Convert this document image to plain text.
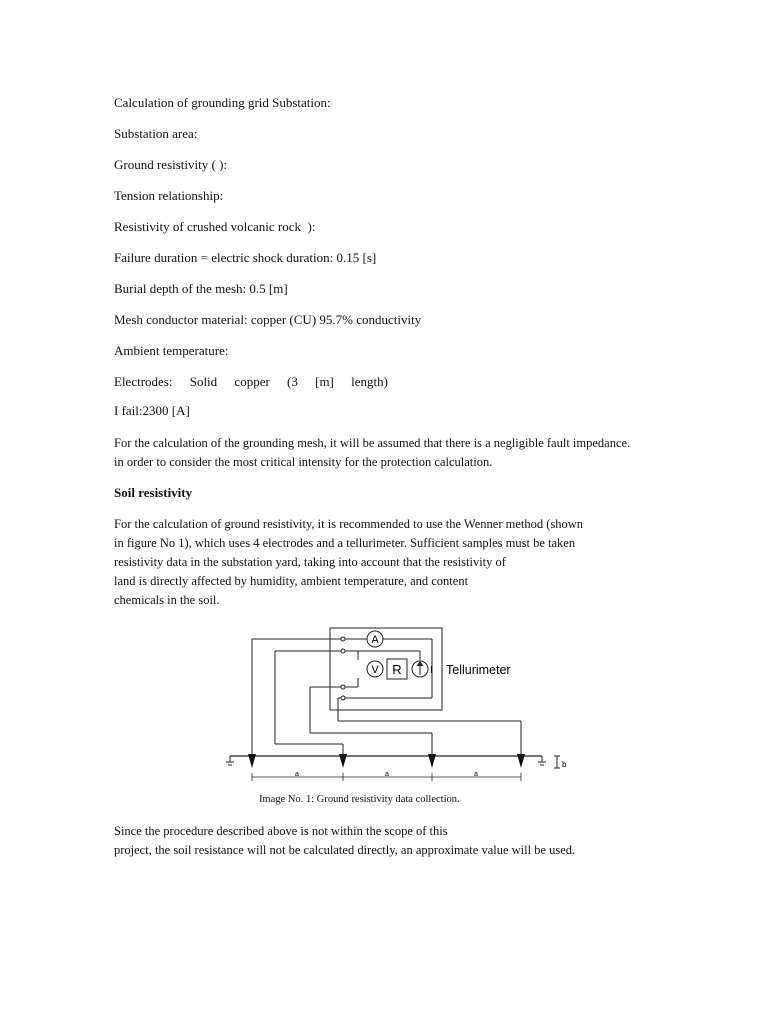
Calculation of grounding grid Substation:
Substation area:
Ground resistivity ( ):
Tension relationship:
Resistivity of crushed volcanic rock  ):
Failure duration = electric shock duration: 0.15 [s]
Burial depth of the mesh: 0.5 [m]
Mesh conductor material: copper (CU) 95.7% conductivity
Ambient temperature:
Electrodes: Solid copper (3 [m] length)
I fail:2300 [A]
For the calculation of the grounding mesh, it will be assumed that there is a negligible fault impedance.
in order to consider the most critical intensity for the protection calculation.
Soil resistivity
For the calculation of ground resistivity, it is recommended to use the Wenner method (shown
in figure No 1), which uses 4 electrodes and a tellurimeter. Sufficient samples must be taken
resistivity data in the substation yard, taking into account that the resistivity of
land is directly affected by humidity, ambient temperature, and content
chemicals in the soil.
A
V R	I Tellurimeter
b
a	a	a
Image No. 1: Ground resistivity data collection.
Since the procedure described above is not within the scope of this
project, the soil resistance will not be calculated directly, an approximate value will be used.
